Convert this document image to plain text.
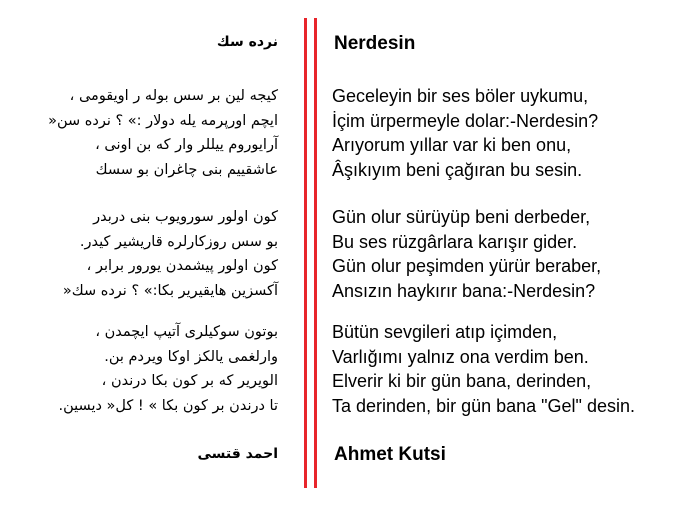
نرده سك
كيجه لين بر سس بوله ر اويقومى ،
ايچم اورپرمه يله دولار :» ؟ نرده سن«
آرايوروم ييللر وار كه بن اونى ،
عاشقييم بنى چاغران بو سسك
كون اولور سورويوب بنى دربدر
بو سس روزكارلره قاريشير كيدر.
كون اولور پيشمدن يورور برابر ،
آكسزين هايقيرير بكا:» ؟ نرده سك«
بوتون سوكيلرى آتيپ ايچمدن ،
وارلغمى يالكز اوكا ويردم بن.
الويرير كه بر كون بكا درندن ،
تا درندن بر كون بكا » ! كل« ديسين.
احمد قتسى
Nerdesin
Geceleyin bir ses böler uykumu,
İçim ürpermeyle dolar:-Nerdesin?
Arıyorum yıllar var ki ben onu,
Âşıkıyım beni çağıran bu sesin.
Gün olur sürüyüp beni derbeder,
Bu ses rüzgârlara karışır gider.
Gün olur peşimden yürür beraber,
Ansızın haykırır bana:-Nerdesin?
Bütün sevgileri atıp içimden,
Varlığımı yalnız ona verdim ben.
Elverir ki bir gün bana, derinden,
Ta derinden, bir gün bana "Gel" desin.
Ahmet Kutsi
